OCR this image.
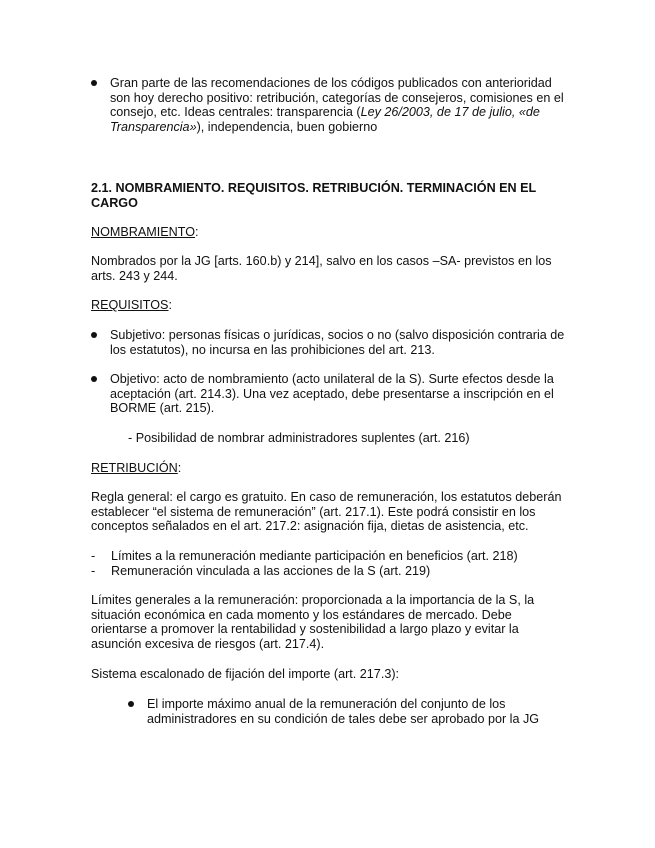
Gran parte de las recomendaciones de los códigos publicados con anterioridad son hoy derecho positivo: retribución, categorías de consejeros, comisiones en el consejo, etc. Ideas centrales: transparencia (Ley 26/2003, de 17 de julio, «de Transparencia»), independencia, buen gobierno
2.1. NOMBRAMIENTO. REQUISITOS. RETRIBUCIÓN. TERMINACIÓN EN EL CARGO
NOMBRAMIENTO:
Nombrados por la JG [arts. 160.b) y 214], salvo en los casos –SA- previstos en los arts. 243 y 244.
REQUISITOS:
Subjetivo: personas físicas o jurídicas, socios o no (salvo disposición contraria de los estatutos), no incursa en las prohibiciones del art. 213.
Objetivo: acto de nombramiento (acto unilateral de la S). Surte efectos desde la aceptación (art. 214.3). Una vez aceptado, debe presentarse a inscripción en el BORME (art. 215).
- Posibilidad de nombrar administradores suplentes (art. 216)
RETRIBUCIÓN:
Regla general: el cargo es gratuito. En caso de remuneración, los estatutos deberán establecer “el sistema de remuneración” (art. 217.1). Este podrá consistir en los conceptos señalados en el art. 217.2: asignación fija, dietas de asistencia, etc.
- Límites a la remuneración mediante participación en beneficios (art. 218)
- Remuneración vinculada a las acciones de la S (art. 219)
Límites generales a la remuneración: proporcionada a la importancia de la S, la situación económica en cada momento y los estándares de mercado. Debe orientarse a promover la rentabilidad y sostenibilidad a largo plazo y evitar la asunción excesiva de riesgos (art. 217.4).
Sistema escalonado de fijación del importe (art. 217.3):
El importe máximo anual de la remuneración del conjunto de los administradores en su condición de tales debe ser aprobado por la JG
